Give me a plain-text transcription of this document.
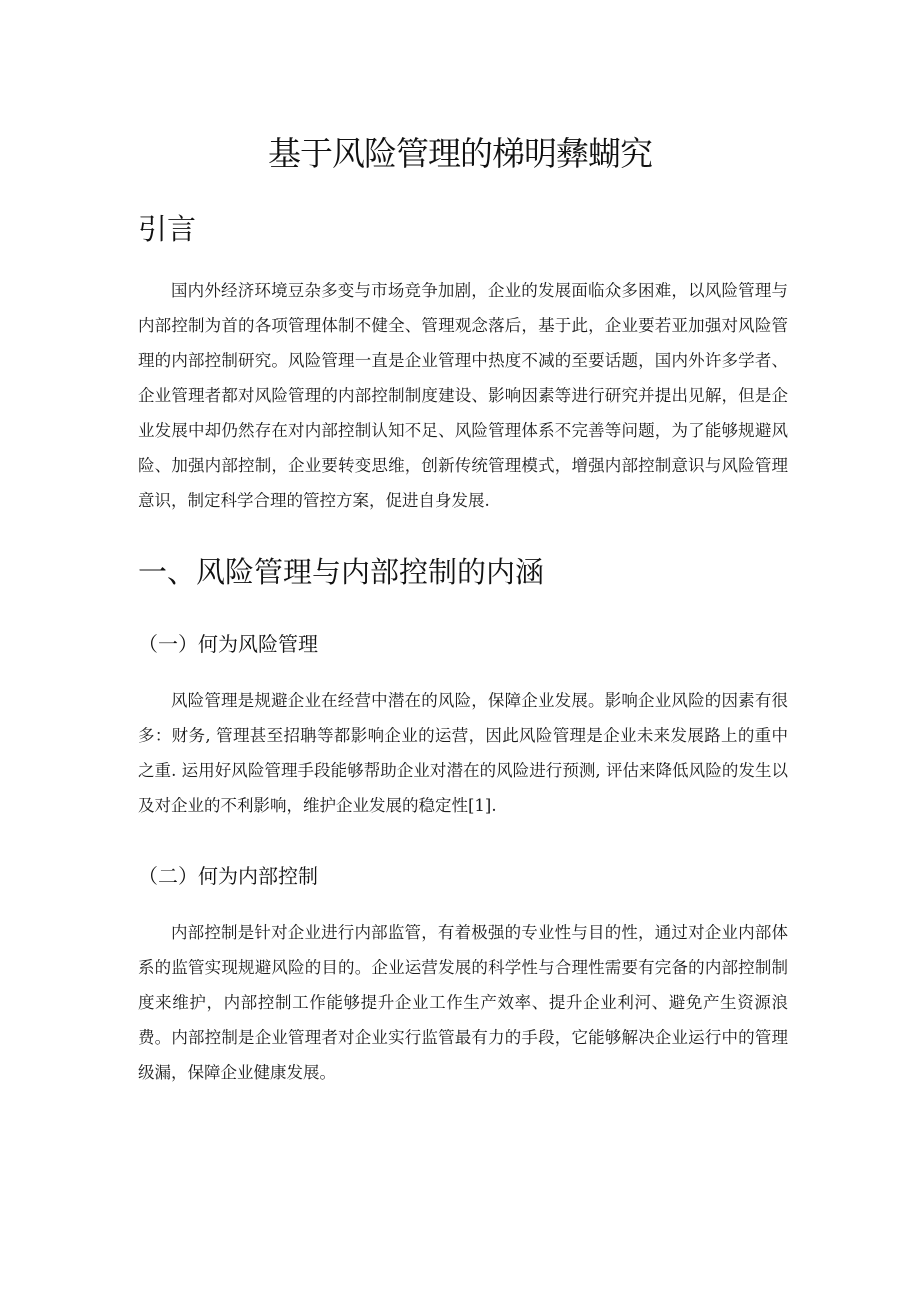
基于风险管理的梯明彝蝴究
引言

国内外经济环境豆杂多变与市场竞争加剧，企业的发展面临众多困难，以风险管理与内部控制为首的各项管理体制不健全、管理观念落后，基于此，企业要若亚加强对风险管理的内部控制研究。风险管理一直是企业管理中热度不减的至要话题，国内外许多学者、企业管理者都对风险管理的内部控制制度建设、影响因素等进行研究并提出见解，但是企业发展中却仍然存在对内部控制认知不足、风险管理体系不完善等问题，为了能够规避风险、加强内部控制，企业要转变思维，创新传统管理模式，增强内部控制意识与风险管理意识，制定科学合理的管控方案，促进自身发展.

一、风险管理与内部控制的内涵
（一）何为风险管理

风险管理是规避企业在经营中潜在的风险，保障企业发展。影响企业风险的因素有很多：财务, 管理甚至招聃等都影响企业的运营，因此风险管理是企业未来发展路上的重中之重. 运用好风险管理手段能够帮助企业对潜在的风险进行预测, 评估来降低风险的发生以及对企业的不利影响，维护企业发展的稳定性[1].

（二）何为内部控制

内部控制是针对企业进行内部监管，有着极强的专业性与目的性，通过对企业内部体系的监管实现规避风险的目的。企业运营发展的科学性与合理性需要有完备的内部控制制度来维护，内部控制工作能够提升企业工作生产效率、提升企业利河、避免产生资源浪费。内部控制是企业管理者对企业实行监管最有力的手段，它能够解决企业运行中的管理级漏，保障企业健康发展。
